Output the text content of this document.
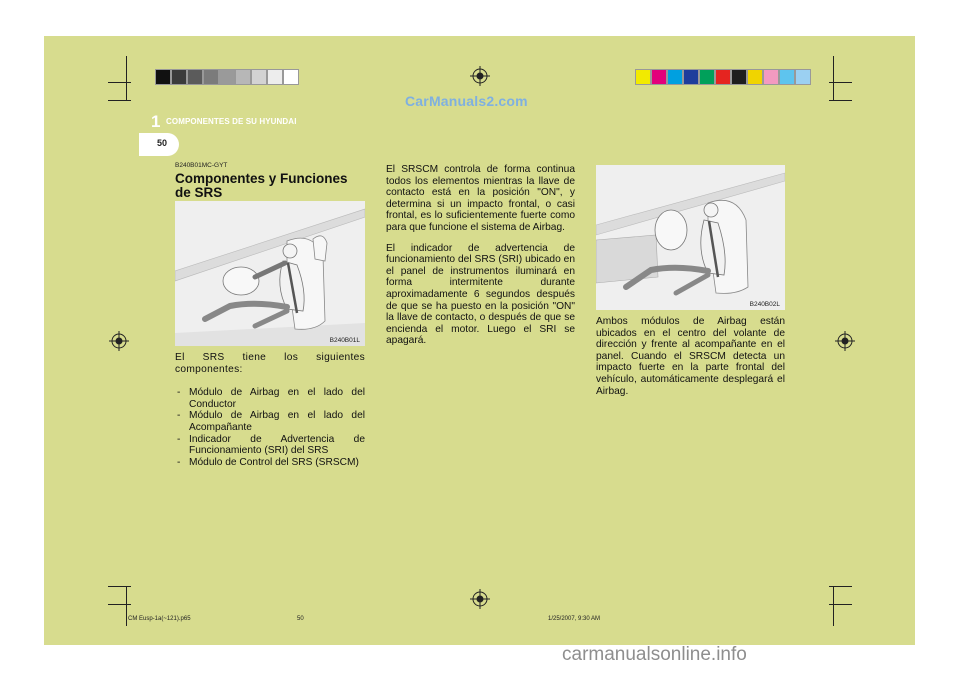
CarManuals2.com
1 COMPONENTES DE SU HYUNDAI
50
B240B01MC-GYT
Componentes y Funciones de SRS
B240B01L

El SRS tiene los siguientes componentes:

- Módulo de Airbag en el lado del Conductor
- Módulo de Airbag en el lado del Acompañante
- Indicador de Advertencia de Funcionamiento (SRI) del SRS
- Módulo de Control del SRS (SRSCM)

El SRSCM controla de forma continua todos los elementos mientras la llave de contacto está en la posición "ON", y determina si un impacto frontal, o casi frontal, es lo suficientemente fuerte como para que funcione el sistema de Airbag.

El indicador de advertencia de funcionamiento del SRS (SRI) ubicado en el panel de instrumentos iluminará en forma intermitente durante aproximadamente 6 segundos después de que se ha puesto en la posición "ON" la llave de contacto, o después de que se encienda el motor. Luego el SRI se apagará.

B240B02L
Ambos módulos de Airbag están ubicados en el centro del volante de dirección y frente al acompañante en el panel. Cuando el SRSCM detecta un impacto fuerte en la parte frontal del vehículo, automáticamente desplegará el Airbag.
CM Eusp-1a(~121).p65	50	1/25/2007, 9:30 AM
carmanualsonline.info
